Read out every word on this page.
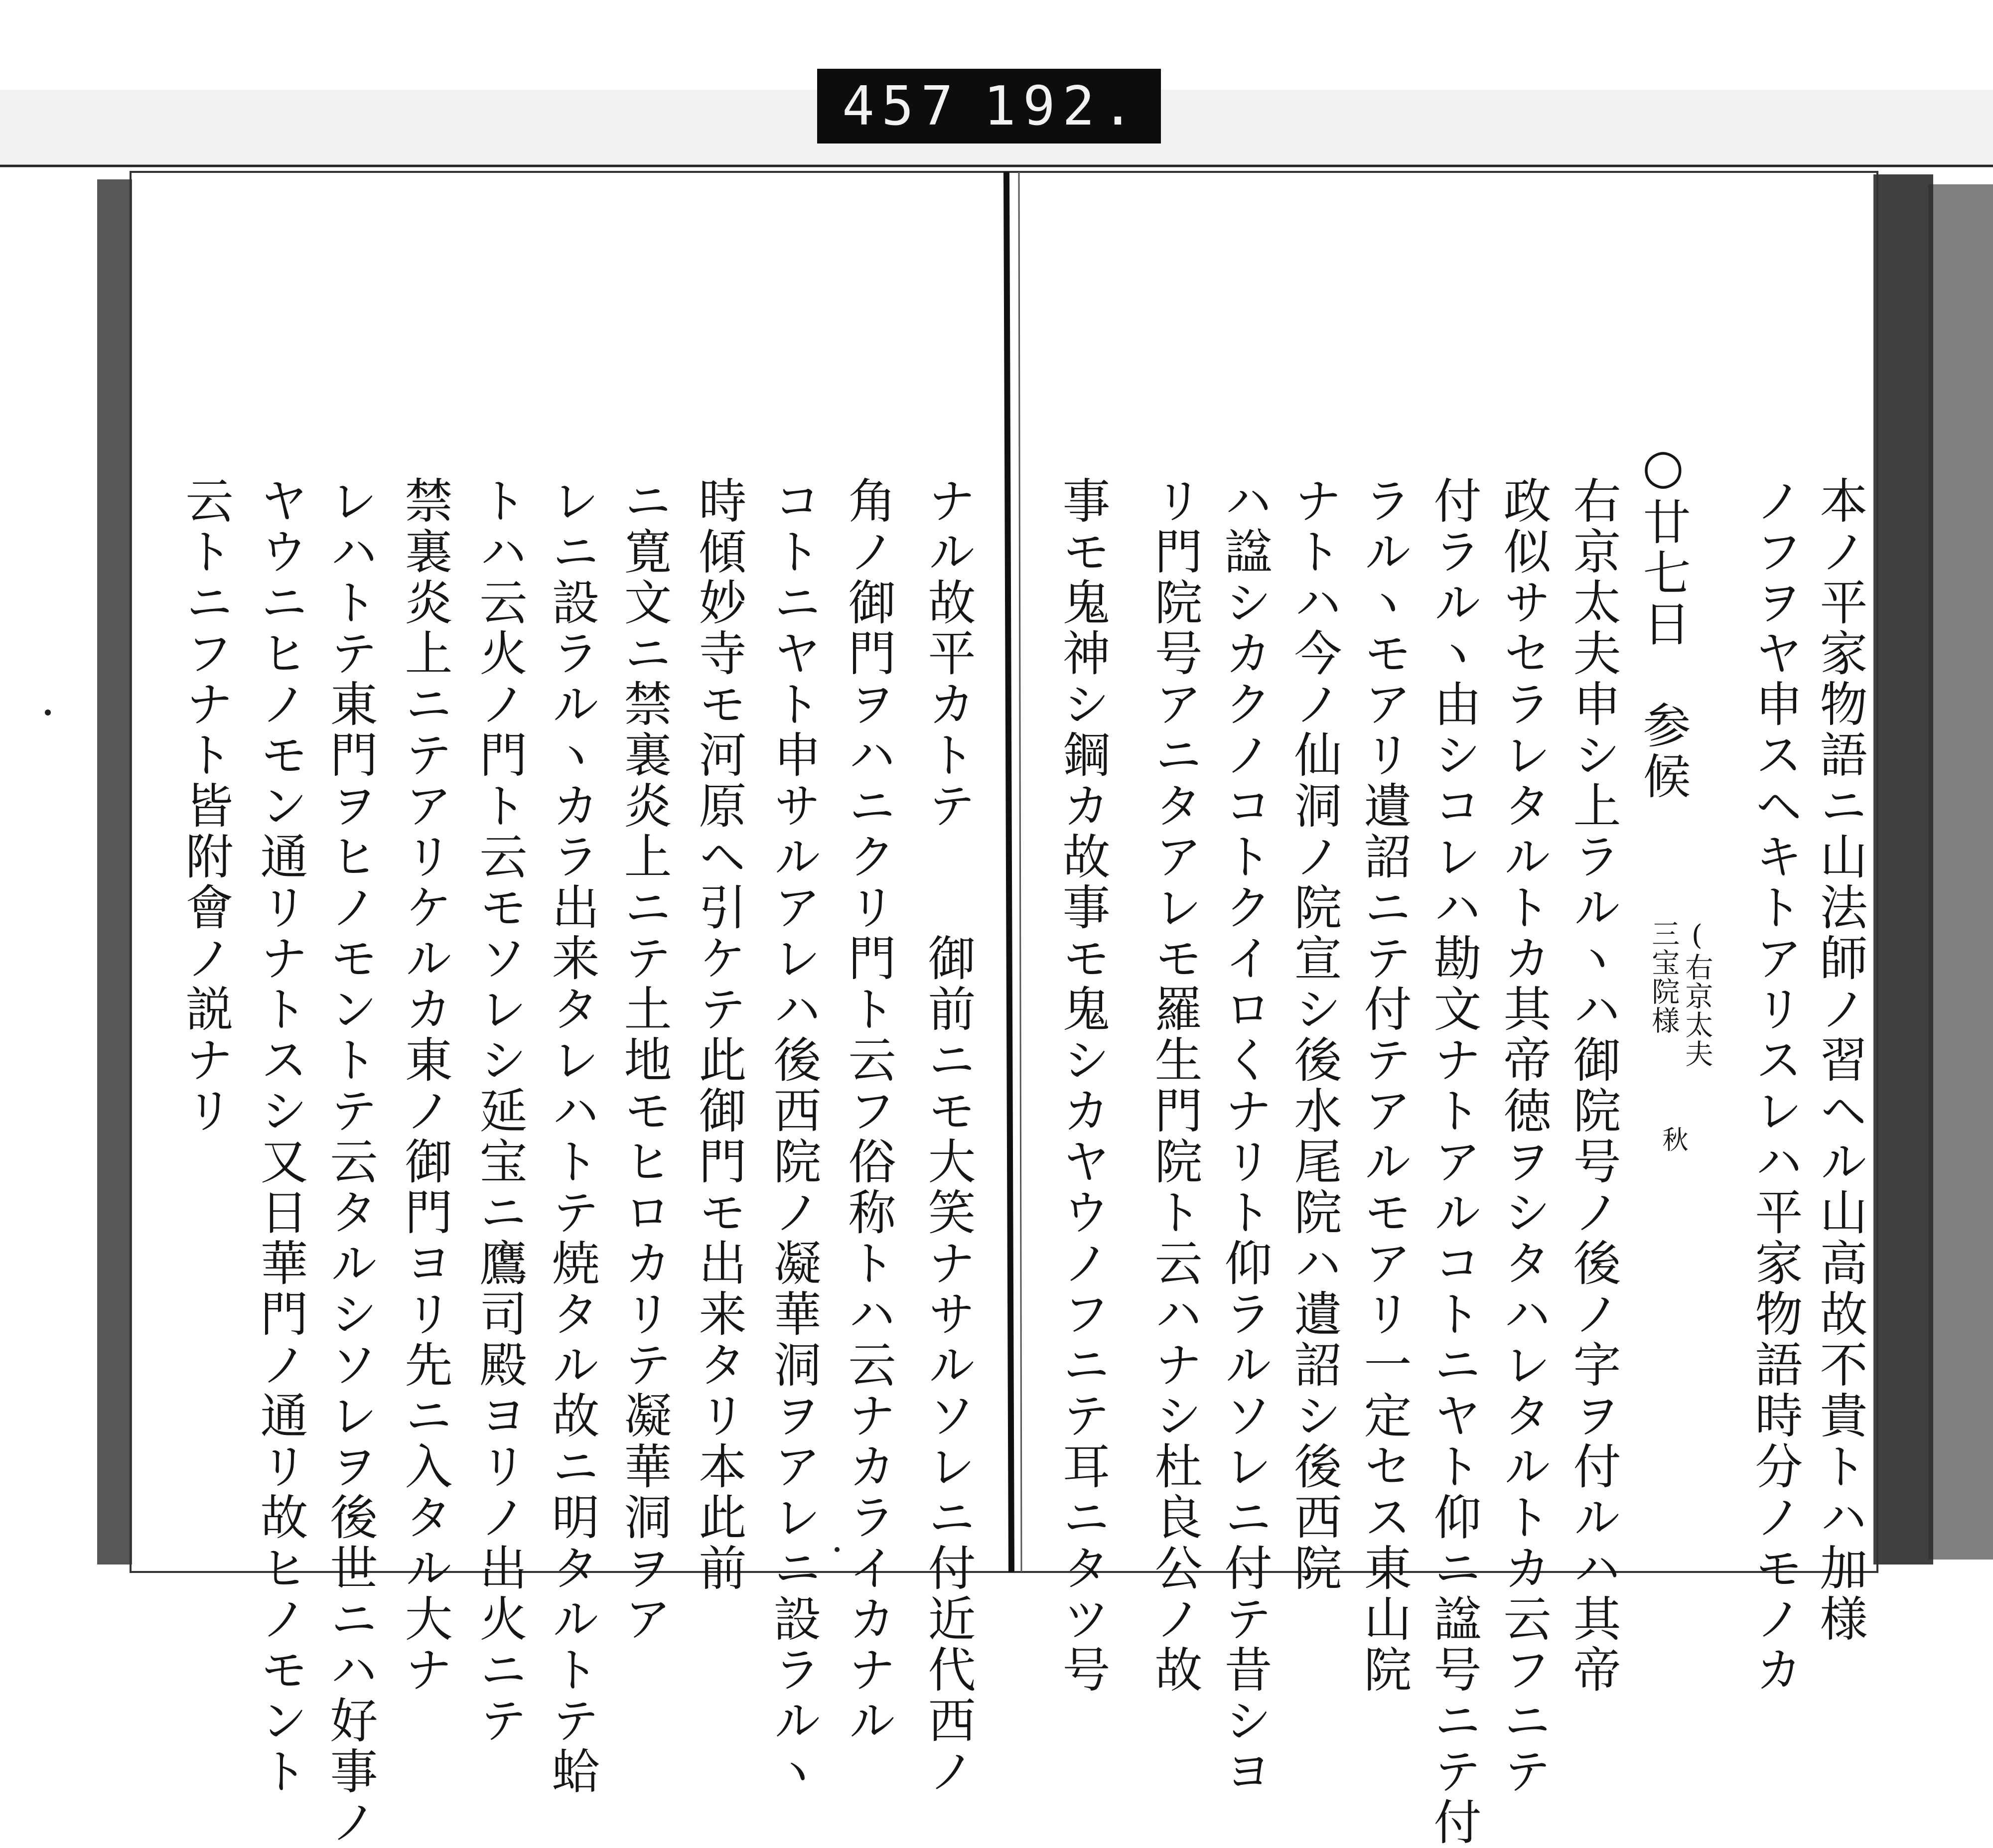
457 192.
本ノ平家物語ニ山法師ノ習ヘル山高故不貴トハ加様
ノフヲヤ申スヘキトアリスレハ平家物語時分ノモノカ
○廿七日　参候
(右京太夫
三宝院様
秋
右京太夫申シ上ラルヽハ御院号ノ後ノ字ヲ付ルハ其帝
政似サセラレタルトカ其帝徳ヲシタハレタルトカ云フニテ
付ラルヽ由シコレハ勘文ナトアルコトニヤト仰ニ諡号ニテ付
ラルヽモアリ遺詔ニテ付テアルモアリ一定セス東山院
ナトハ今ノ仙洞ノ院宣シ後水尾院ハ遺詔シ後西院
ハ諡シカクノコトクイロくナリト仰ラルソレニ付テ昔シヨ
リ門院号アニタアレモ羅生門院ト云ハナシ杜良公ノ故
事モ鬼神シ鋼カ故事モ鬼シカヤウノフニテ耳ニタツ号
ナル故平カトテ　　御前ニモ大笑ナサルソレニ付近代西ノ
角ノ御門ヲハニクリ門ト云フ俗称トハ云ナカライカナル
コトニヤト申サルアレハ後西院ノ凝華洞ヲアレニ設ラルヽ
時傾妙寺モ河原ヘ引ケテ此御門モ出来タリ本此前
ニ寛文ニ禁裏炎上ニテ土地モヒロカリテ凝華洞ヲア
レニ設ラルヽカラ出来タレハトテ焼タル故ニ明タルトテ蛤
トハ云火ノ門ト云モソレシ延宝ニ鷹司殿ヨリノ出火ニテ
禁裏炎上ニテアリケルカ東ノ御門ヨリ先ニ入タル大ナ
レハトテ東門ヲヒノモントテ云タルシソレヲ後世ニハ好事ノ
ヤウニヒノモン通リナトスシ又日華門ノ通リ故ヒノモント
云トニフナト皆附會ノ説ナリ
